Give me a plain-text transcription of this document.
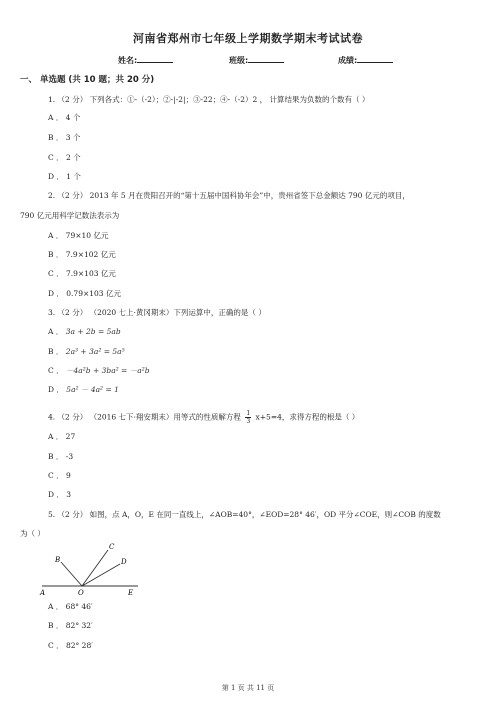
河南省郑州市七年级上学期数学期末考试试卷
姓名:	班级:	成绩:
一、 单选题 (共 10 题；共 20 分)
1. （2 分） 下列各式：①-（-2）；②-|-2|；③-22；④-（-2）2 ， 计算结果为负数的个数有（ ）
A ． 4 个
B ． 3 个
C ． 2 个
D ． 1 个
2. （2 分） 2013 年 5 月在贵阳召开的“第十五届中国科协年会”中，贵州省签下总金额达 790 亿元的项目，
790 亿元用科学记数法表示为
A ． 79×10 亿元
B ． 7.9×102 亿元
C ． 7.9×103 亿元
D ． 0.79×103 亿元
3. （2 分） （2020 七上·黄冈期末）下列运算中，正确的是（ ）
A ． 3a + 2b = 5ab
B ． 2a³ + 3a² = 5a⁵
C ． －4a²b + 3ba² = －a²b
D ． 5a² － 4a² = 1
4. （2 分） （2016 七下·翔安期末）用等式的性质解方程 $\frac{1}{3} x+5=4$，求得方程的根是（ ）
A ． 27
B ． -3
C ． 9
D ． 3
5. （2 分） 如图，点 A，O，E 在同一直线上，∠AOB=40°，∠EOD=28° 46′，OD 平分∠COE，则∠COB 的度数
为（ ）
A	O	E
B
C
D
A ． 68° 46′
B ． 82° 32′
C ． 82° 28′
第 1 页 共 11 页
